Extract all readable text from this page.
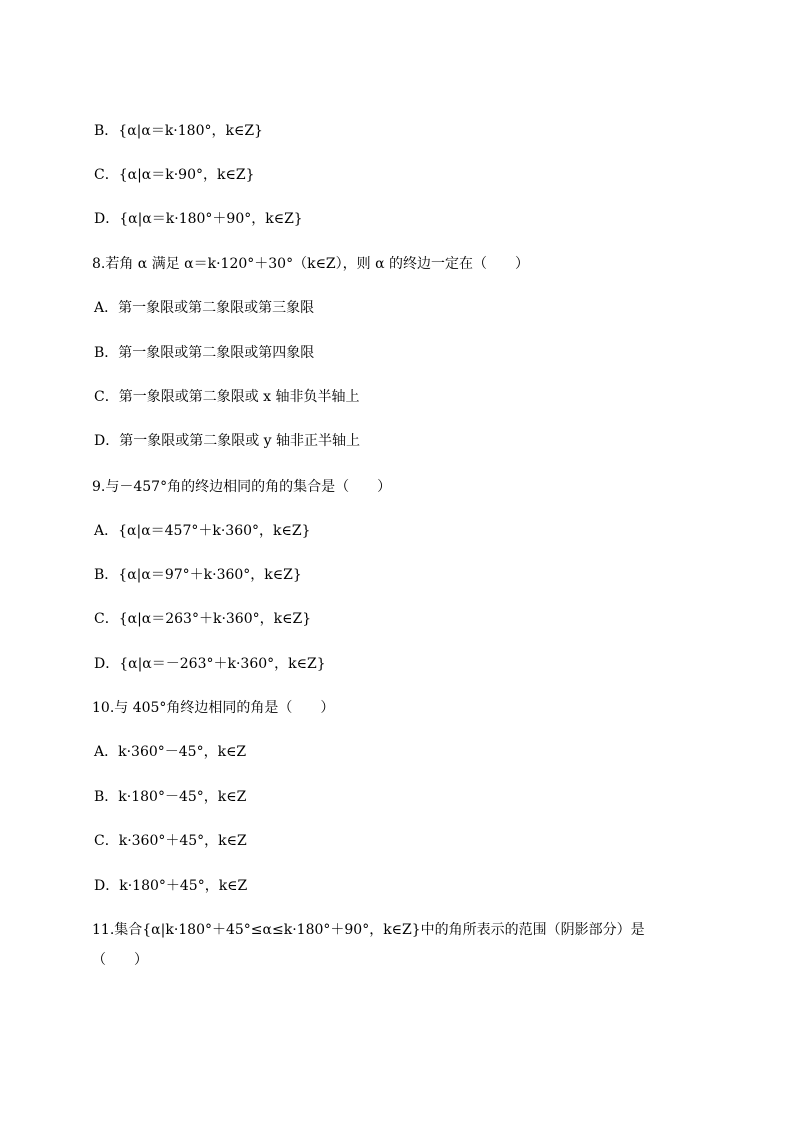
B．{α|α＝k·180°，k∈Z}
C．{α|α＝k·90°，k∈Z}
D．{α|α＝k·180°＋90°，k∈Z}
8.若角 α 满足 α＝k·120°＋30°（k∈Z），则 α 的终边一定在（　　）
A．第一象限或第二象限或第三象限
B．第一象限或第二象限或第四象限
C．第一象限或第二象限或 x 轴非负半轴上
D．第一象限或第二象限或 y 轴非正半轴上
9.与－457°角的终边相同的角的集合是（　　）
A．{α|α＝457°＋k·360°，k∈Z}
B．{α|α＝97°＋k·360°，k∈Z}
C．{α|α＝263°＋k·360°，k∈Z}
D．{α|α＝－263°＋k·360°，k∈Z}
10.与 405°角终边相同的角是（　　）
A．k·360°－45°，k∈Z
B．k·180°－45°，k∈Z
C．k·360°＋45°，k∈Z
D．k·180°＋45°，k∈Z
11.集合{α|k·180°＋45°≤α≤k·180°＋90°，k∈Z}中的角所表示的范围（阴影部分）是
（　　）
